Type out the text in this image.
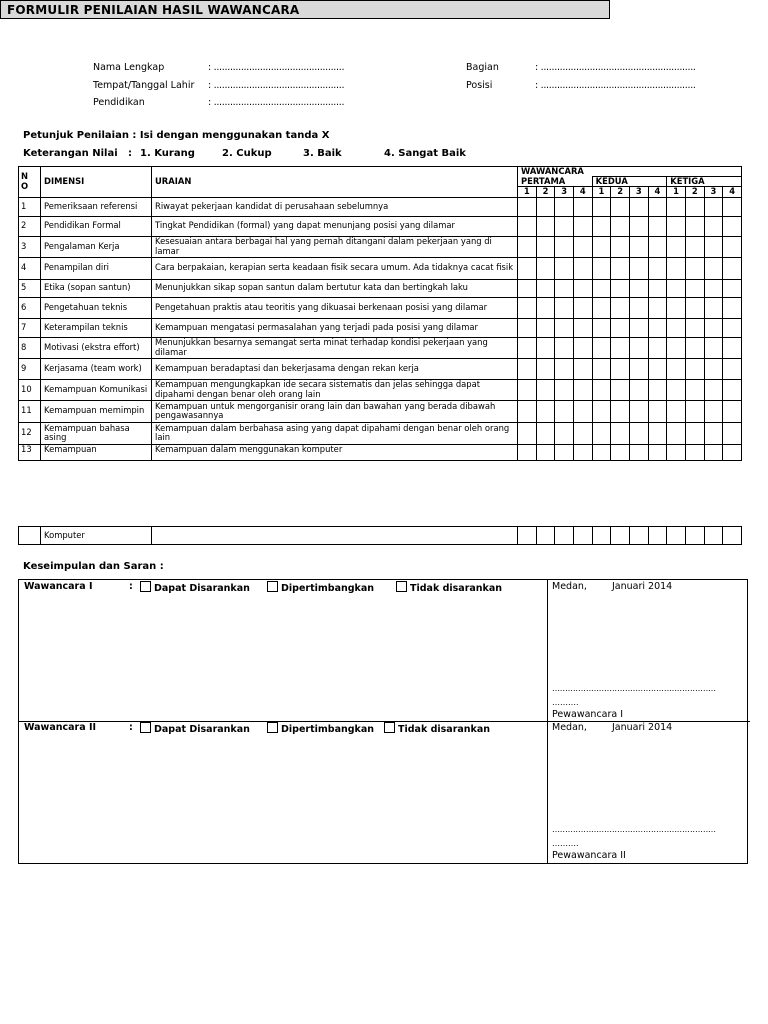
FORMULIR PENILAIAN HASIL WAWANCARA
Nama Lengkap	: ................................................
Tempat/Tanggal Lahir : ................................................
Pendidikan	: ................................................
Bagian	: .........................................................
Posisi	: .........................................................
Petunjuk Penilaian : Isi dengan menggunakan tanda X
Keterangan Nilai : 1. Kurang	2. Cukup	3. Baik	4. Sangat Baik
N O	DIMENSI	URAIAN	WAWANCARA											
			PERTAMA				KEDUA				KETIGA			
			1	2	3	4	1	2	3	4	1	2	3	4
1	Pemeriksaan referensi	Riwayat pekerjaan kandidat di perusahaan sebelumnya												
2	Pendidikan Formal	Tingkat Pendidikan (formal) yang dapat menunjang posisi yang dilamar												
3	Pengalaman Kerja	Kesesuaian antara berbagai hal yang pernah ditangani dalam pekerjaan yang di lamar												
4	Penampilan diri	Cara berpakaian, kerapian serta keadaan fisik secara umum. Ada tidaknya cacat fisik												
5	Etika (sopan santun)	Menunjukkan sikap sopan santun dalam bertutur kata dan bertingkah laku												
6	Pengetahuan teknis	Pengetahuan praktis atau teoritis yang dikuasai berkenaan posisi yang dilamar												
7	Keterampilan teknis	Kemampuan mengatasi permasalahan yang terjadi pada posisi yang dilamar												
8	Motivasi (ekstra effort)	Menunjukkan besarnya semangat serta minat terhadap kondisi pekerjaan yang dilamar												
9	Kerjasama (team work)	Kemampuan beradaptasi dan bekerjasama dengan rekan kerja												
10	Kemampuan Komunikasi	Kemampuan mengungkapkan ide secara sistematis dan jelas sehingga dapat dipahami dengan benar oleh orang lain												
11	Kemampuan memimpin	Kemampuan untuk mengorganisir orang lain dan bawahan yang berada dibawah pengawasannya												
12	Kemampuan bahasa asing	Kemampuan dalam berbahasa asing yang dapat dipahami dengan benar oleh orang lain												
13	Kemampuan	Kemampuan dalam menggunakan komputer												
	Komputer													
Keseimpulan dan Saran :
Wawancara I	:	Dapat Disarankan	Dipertimbangkan	Tidak disarankan	Medan,	Januari 2014
………………………………………………………
……….
Pewawancara I
Wawancara II	:	Dapat Disarankan	Dipertimbangkan	Tidak disarankan	Medan,	Januari 2014
………………………………………………………
……….
Pewawancara II
